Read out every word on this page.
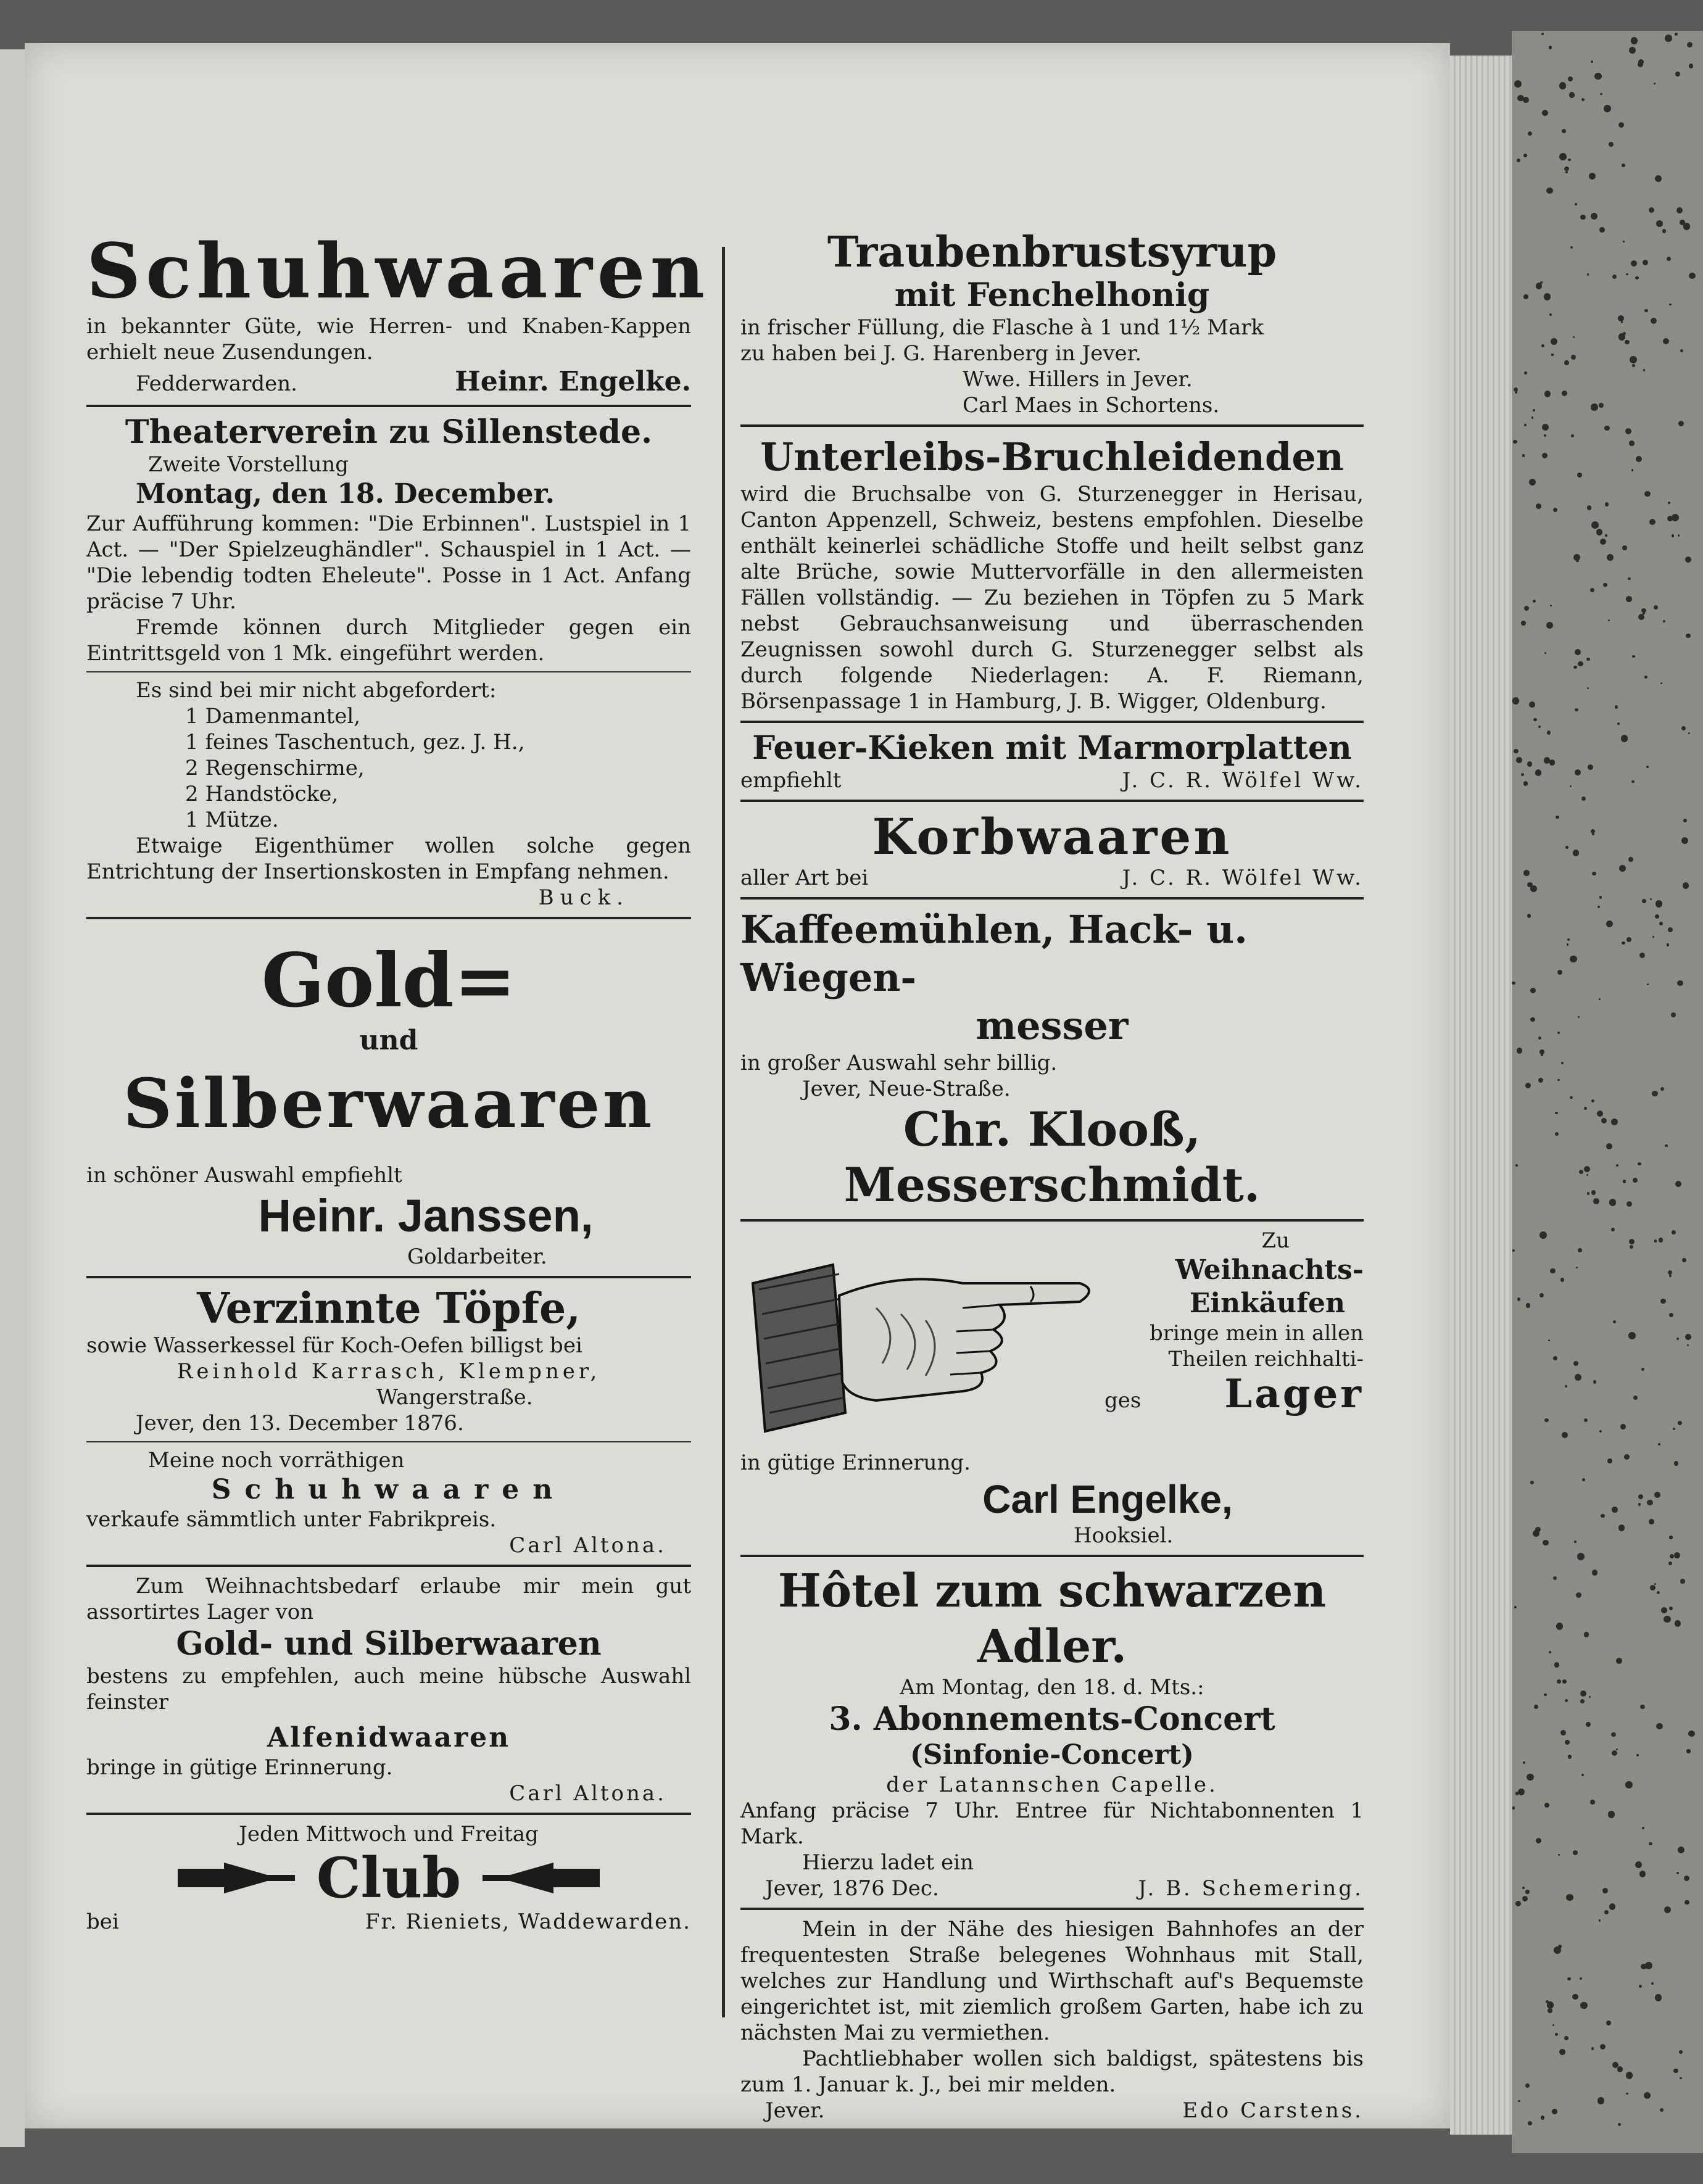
Schuhwaaren
in bekannter Güte, wie Herren- und Knaben-Kappen erhielt neue Zusendungen.
Fedderwarden.	Heinr. Engelke.
Theaterverein zu Sillenstede.
Zweite Vorstellung
Montag, den 18. December.
Zur Aufführung kommen: "Die Erbinnen". Lustspiel in 1 Act. — "Der Spielzeughändler". Schauspiel in 1 Act. — "Die lebendig todten Eheleute". Posse in 1 Act. Anfang präcise 7 Uhr.
Fremde können durch Mitglieder gegen ein Eintrittsgeld von 1 Mk. eingeführt werden.
Es sind bei mir nicht abgefordert:
1 Damenmantel,
1 feines Taschentuch, gez. J. H.,
2 Regenschirme,
2 Handstöcke,
1 Mütze.
Etwaige Eigenthümer wollen solche gegen Entrichtung der Insertionskosten in Empfang nehmen.
Buck.
Gold=
und
Silberwaaren
in schöner Auswahl empfiehlt
Heinr. Janssen,
Goldarbeiter.
Verzinnte Töpfe,
sowie Wasserkessel für Koch-Oefen billigst bei
Reinhold Karrasch, Klempner,
Wangerstraße.
Jever, den 13. December 1876.
Meine noch vorräthigen
Schuhwaaren
verkaufe sämmtlich unter Fabrikpreis.
Carl Altona.
Zum Weihnachtsbedarf erlaube mir mein gut assortirtes Lager von
Gold- und Silberwaaren
bestens zu empfehlen, auch meine hübsche Auswahl feinster
Alfenidwaaren
bringe in gütige Erinnerung.
Carl Altona.
Jeden Mittwoch und Freitag
Club
bei	Fr. Rieniets, Waddewarden.
Traubenbrustsyrup
mit Fenchelhonig
in frischer Füllung, die Flasche à 1 und 1½ Mark
zu haben bei J. G. Harenberg in Jever.
Wwe. Hillers in Jever.
Carl Maes in Schortens.
Unterleibs-Bruchleidenden
wird die Bruchsalbe von G. Sturzenegger in Herisau, Canton Appenzell, Schweiz, bestens empfohlen. Dieselbe enthält keinerlei schädliche Stoffe und heilt selbst ganz alte Brüche, sowie Muttervorfälle in den allermeisten Fällen vollständig. — Zu beziehen in Töpfen zu 5 Mark nebst Gebrauchsanweisung und überraschenden Zeugnissen sowohl durch G. Sturzenegger selbst als durch folgende Niederlagen: A. F. Riemann, Börsenpassage 1 in Hamburg, J. B. Wigger, Oldenburg.
Feuer-Kieken mit Marmorplatten
empfiehlt	J. C. R. Wölfel Ww.
Korbwaaren
aller Art bei	J. C. R. Wölfel Ww.
Kaffeemühlen, Hack- u. Wiegen-
messer
in großer Auswahl sehr billig.
Jever, Neue-Straße.
Chr. Klooß, Messerschmidt.
Zu
Weihnachts-
Einkäufen
bringe mein in allen
Theilen reichhalti-
ges Lager
in gütige Erinnerung.
Carl Engelke,
Hooksiel.
Hôtel zum schwarzen Adler.
Am Montag, den 18. d. Mts.:
3. Abonnements-Concert
(Sinfonie-Concert)
der Latannschen Capelle.
Anfang präcise 7 Uhr. Entree für Nichtabonnenten 1 Mark.
Hierzu ladet ein
Jever, 1876 Dec.	J. B. Schemering.
Mein in der Nähe des hiesigen Bahnhofes an der frequentesten Straße belegenes Wohnhaus mit Stall, welches zur Handlung und Wirthschaft auf's Bequemste eingerichtet ist, mit ziemlich großem Garten, habe ich zu nächsten Mai zu vermiethen.
Pachtliebhaber wollen sich baldigst, spätestens bis zum 1. Januar k. J., bei mir melden.
Jever.	Edo Carstens.
